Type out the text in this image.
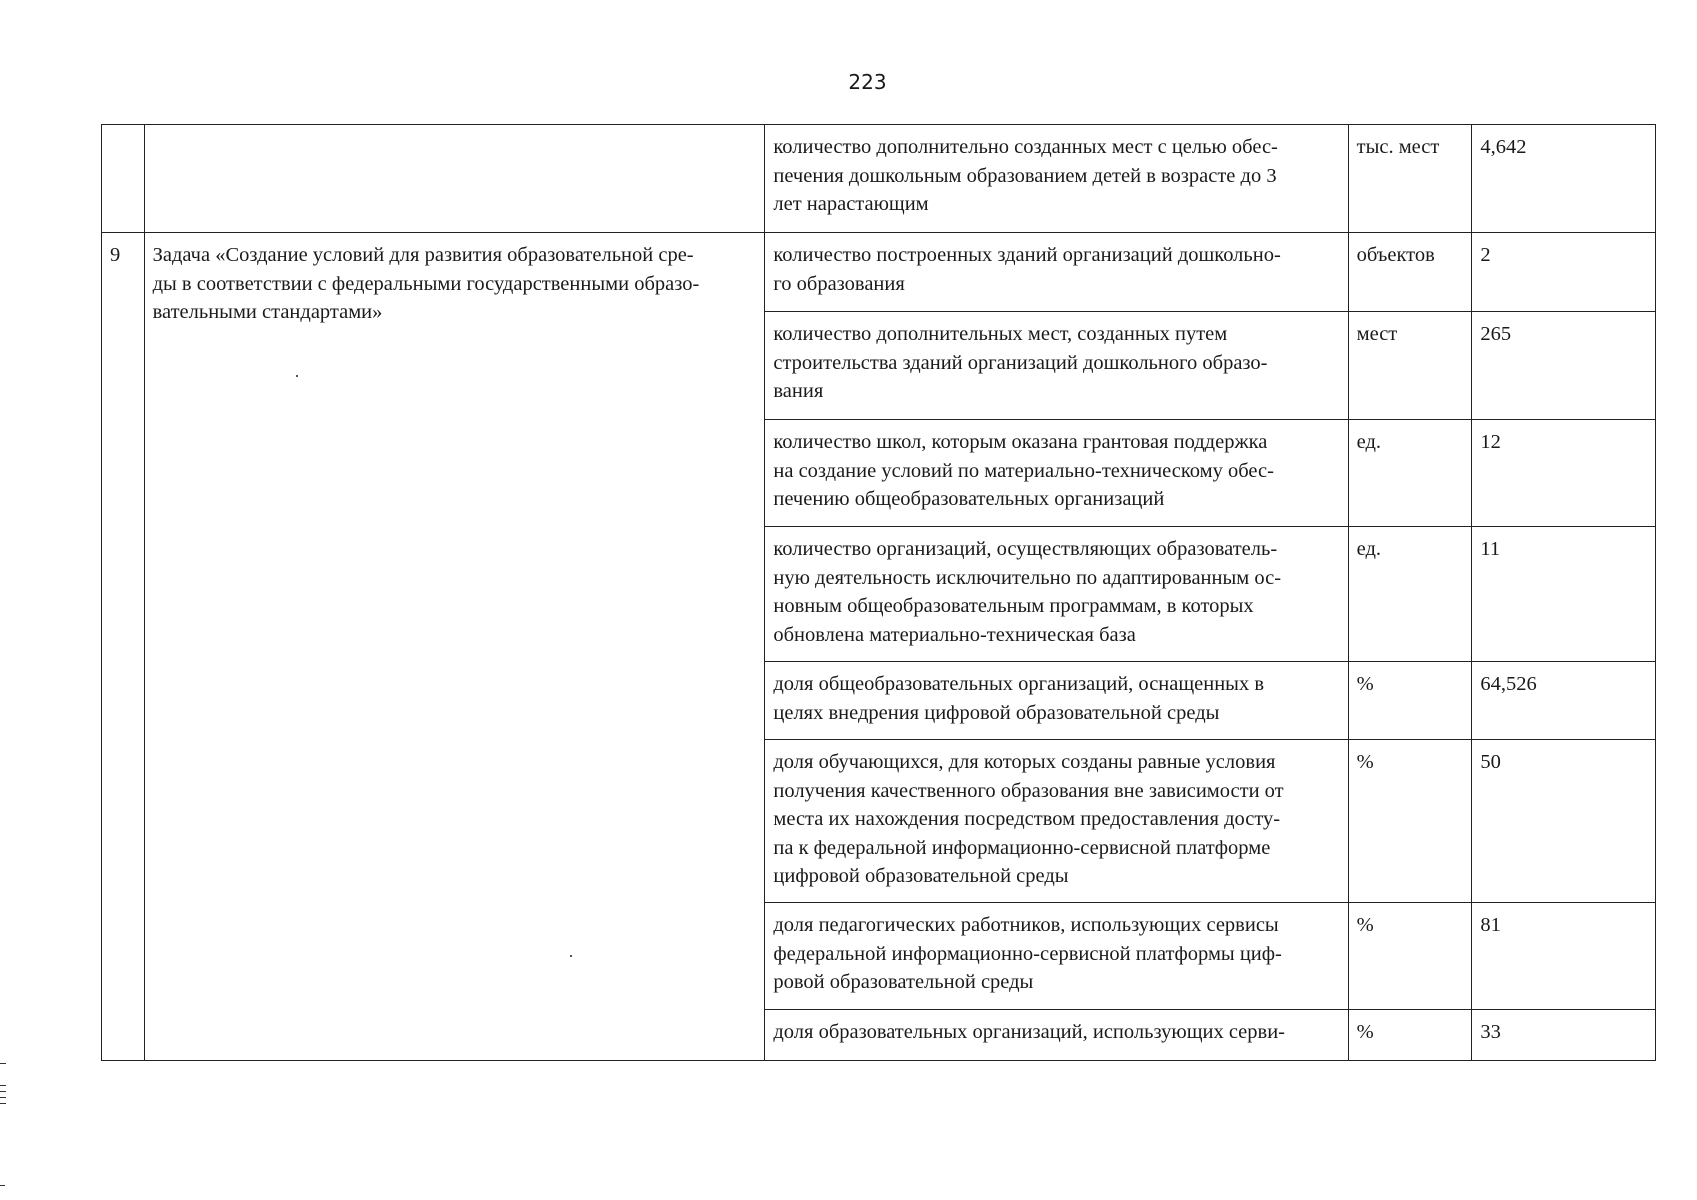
223
		количество дополнительно созданных мест с целью обес-
печения дошкольным образованием детей в возрасте до 3
лет нарастающим	тыс. мест	4,642
9	Задача «Создание условий для развития образовательной сре-
ды в соответствии с федеральными государственными образо-
вательными стандартами»	количество построенных зданий организаций дошкольно-
го образования	объектов	2
		количество дополнительных мест, созданных путем
строительства зданий организаций дошкольного образо-
вания	мест	265
		количество школ, которым оказана грантовая поддержка
на создание условий по материально-техническому обес-
печению общеобразовательных организаций	ед.	12
		количество организаций, осуществляющих образователь-
ную деятельность исключительно по адаптированным ос-
новным общеобразовательным программам, в которых
обновлена материально-техническая база	ед.	11
		доля общеобразовательных организаций, оснащенных в
целях внедрения цифровой образовательной среды	%	64,526
		доля обучающихся, для которых созданы равные условия
получения качественного образования вне зависимости от
места их нахождения посредством предоставления досту-
па к федеральной информационно-сервисной платформе
цифровой образовательной среды	%	50
		доля педагогических работников, использующих сервисы
федеральной информационно-сервисной платформы циф-
ровой образовательной среды	%	81
		доля образовательных организаций, использующих серви-	%	33
